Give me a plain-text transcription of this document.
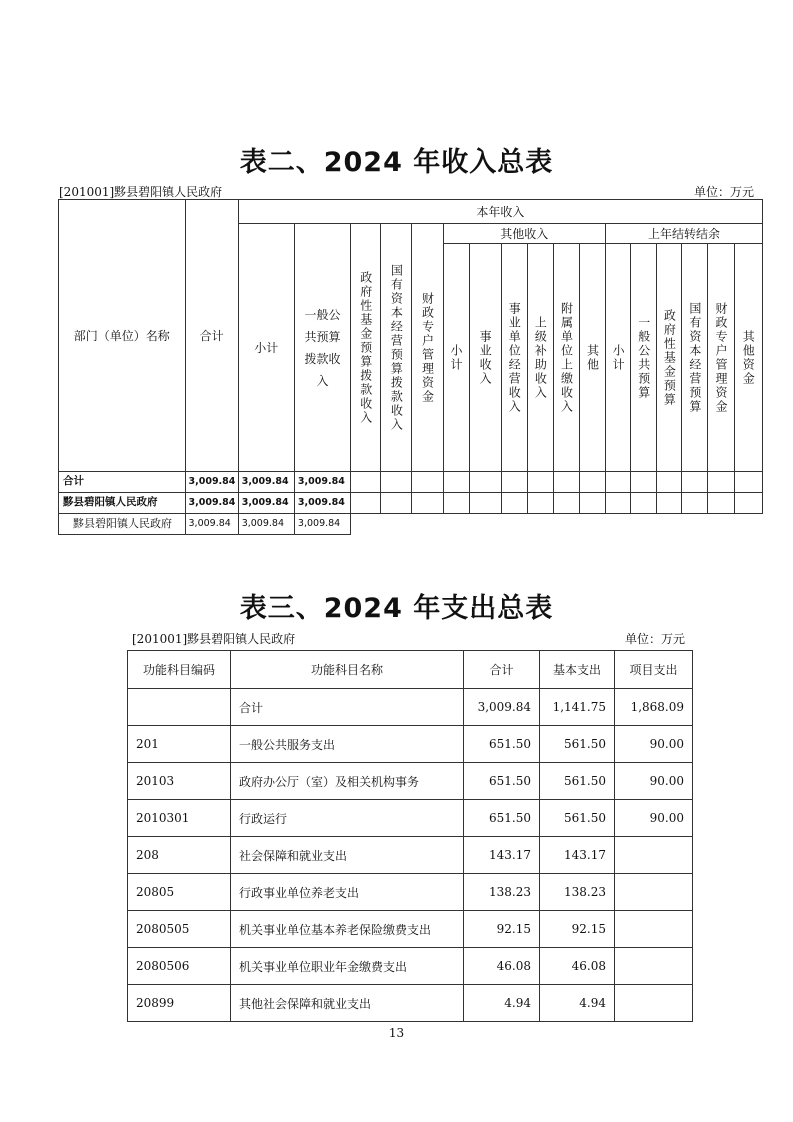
表二、2024 年收入总表
[201001]黟县碧阳镇人民政府	单位：万元
部门（单位）名称	合计	本年收入																
		小计	一般公共预算拨款收入	政府性基金预算拨款收入	国有资本经营预算拨款收入	财政专户管理资金	其他收入						上年结转结余					

							小计	事业收入	事业单位经营收入	上级补助收入	附属单位上缴收入	其他	小计	一般公共预算	政府性基金预算	国有资本经营预算	财政专户管理资金	其他资金

合计	3,009.84	3,009.84	3,009.84															
黟县碧阳镇人民政府	3,009.84	3,009.84	3,009.84															
黟县碧阳镇人民政府	3,009.84	3,009.84	3,009.84															
表三、2024 年支出总表
[201001]黟县碧阳镇人民政府	单位：万元
功能科目编码	功能科目名称	合计	基本支出	项目支出
	合计	3,009.84	1,141.75	1,868.09
201	一般公共服务支出	651.50	561.50	90.00
20103	政府办公厅（室）及相关机构事务	651.50	561.50	90.00
2010301	行政运行	651.50	561.50	90.00
208	社会保障和就业支出	143.17	143.17	
20805	行政事业单位养老支出	138.23	138.23	
2080505	机关事业单位基本养老保险缴费支出	92.15	92.15	
2080506	机关事业单位职业年金缴费支出	46.08	46.08	
20899	其他社会保障和就业支出	4.94	4.94	
13
